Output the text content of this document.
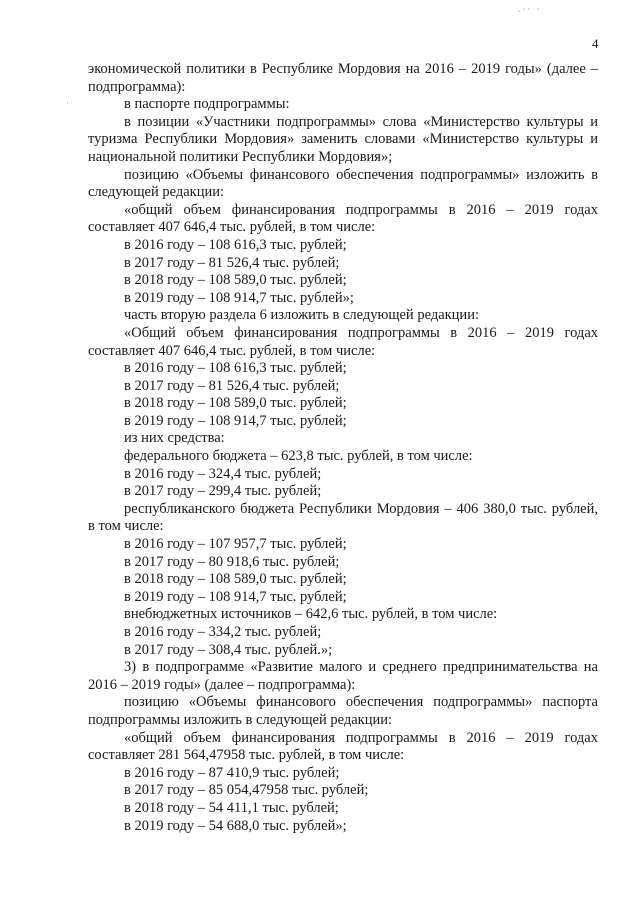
.·· ·
·
4

экономической политики в Республике Мордовия на 2016 – 2019 годы» (далее – подпрограмма):

в паспорте подпрограммы:

в позиции «Участники подпрограммы» слова «Министерство культуры и туризма Республики Мордовия» заменить словами «Министерство культуры и национальной политики Республики Мордовия»;

позицию «Объемы финансового обеспечения подпрограммы» изложить в следующей редакции:

«общий объем финансирования подпрограммы в 2016 – 2019 годах составляет 407 646,4 тыс. рублей, в том числе:

в 2016 году – 108 616,3 тыс. рублей;

в 2017 году – 81 526,4 тыс. рублей;

в 2018 году – 108 589,0 тыс. рублей;

в 2019 году – 108 914,7 тыс. рублей»;

часть вторую раздела 6 изложить в следующей редакции:

«Общий объем финансирования подпрограммы в 2016 – 2019 годах составляет 407 646,4 тыс. рублей, в том числе:

в 2016 году – 108 616,3 тыс. рублей;

в 2017 году – 81 526,4 тыс. рублей;

в 2018 году – 108 589,0 тыс. рублей;

в 2019 году – 108 914,7 тыс. рублей;

из них средства:

федерального бюджета – 623,8 тыс. рублей, в том числе:

в 2016 году – 324,4 тыс. рублей;

в 2017 году – 299,4 тыс. рублей;

республиканского бюджета Республики Мордовия – 406 380,0 тыс. рублей, в том числе:

в 2016 году – 107 957,7 тыс. рублей;

в 2017 году – 80 918,6 тыс. рублей;

в 2018 году – 108 589,0 тыс. рублей;

в 2019 году – 108 914,7 тыс. рублей;

внебюджетных источников – 642,6 тыс. рублей, в том числе:

в 2016 году – 334,2 тыс. рублей;

в 2017 году – 308,4 тыс. рублей.»;

3) в подпрограмме «Развитие малого и среднего предпринимательства на 2016 – 2019 годы» (далее – подпрограмма):

позицию «Объемы финансового обеспечения подпрограммы» паспорта подпрограммы изложить в следующей редакции:

«общий объем финансирования подпрограммы в 2016 – 2019 годах составляет 281 564,47958 тыс. рублей, в том числе:

в 2016 году – 87 410,9 тыс. рублей;

в 2017 году – 85 054,47958 тыс. рублей;

в 2018 году – 54 411,1 тыс. рублей;

в 2019 году – 54 688,0 тыс. рублей»;
